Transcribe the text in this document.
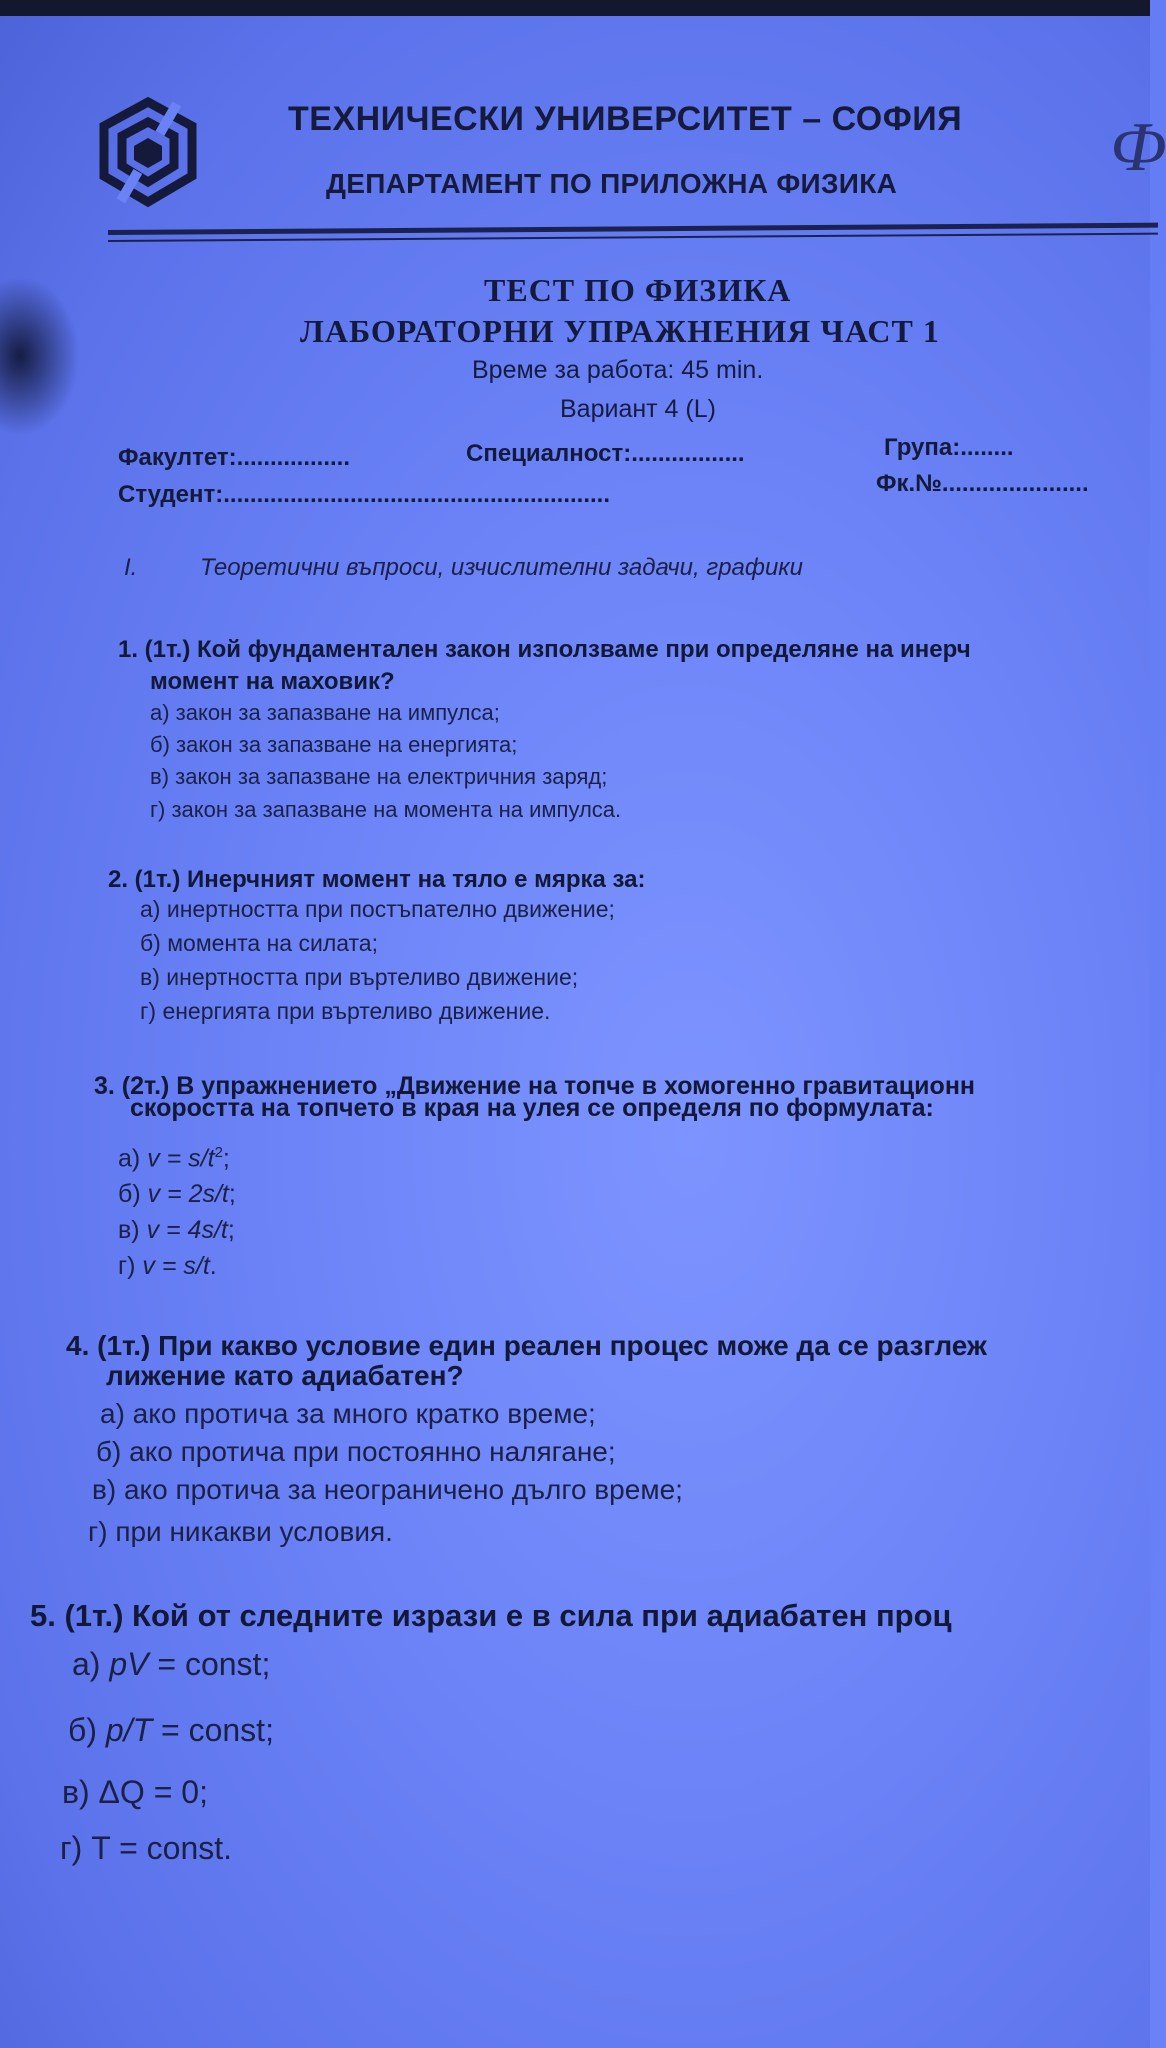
ТЕХНИЧЕСКИ УНИВЕРСИТЕТ – СОФИЯ
ДЕПАРТАМЕНТ ПО ПРИЛОЖНА ФИЗИКА	Ф
ТЕСТ ПО ФИЗИКА
ЛАБОРАТОРНИ УПРАЖНЕНИЯ ЧАСТ 1
Време за работа: 45 min.
Вариант 4 (L)
Факултет:.................	Специалност:.................	Група:........
Студент:..........................................................	Фк.№......................
I.	Теоретични въпроси, изчислителни задачи, графики
1. (1т.) Кой фундаментален закон използваме при определяне на инерч
момент на маховик?
а) закон за запазване на импулса;
б) закон за запазване на енергията;
в) закон за запазване на електричния заряд;
г) закон за запазване на момента на импулса.
2. (1т.) Инерчният момент на тяло е мярка за:
а) инертността при постъпателно движение;
б) момента на силата;
в) инертността при въртеливо движение;
г) енергията при въртеливо движение.
3. (2т.) В упражнението „Движение на топче в хомогенно гравитационн
скоростта на топчето в края на улея се определя по формулата:
а) $v = s/t^2$;
б) v = 2s/t;
в) v = 4s/t;
г) v = s/t.
4. (1т.) При какво условие един реален процес може да се разглеж
лижение като адиабатен?
а) ако протича за много кратко време;
б) ако протича при постоянно налягане;
в) ако протича за неограничено дълго време;
г) при никакви условия.
5. (1т.) Кой от следните изрази е в сила при адиабатен проц
а) pV = const;
б) p/T = const;
в) ΔQ = 0;
г) T = const.
